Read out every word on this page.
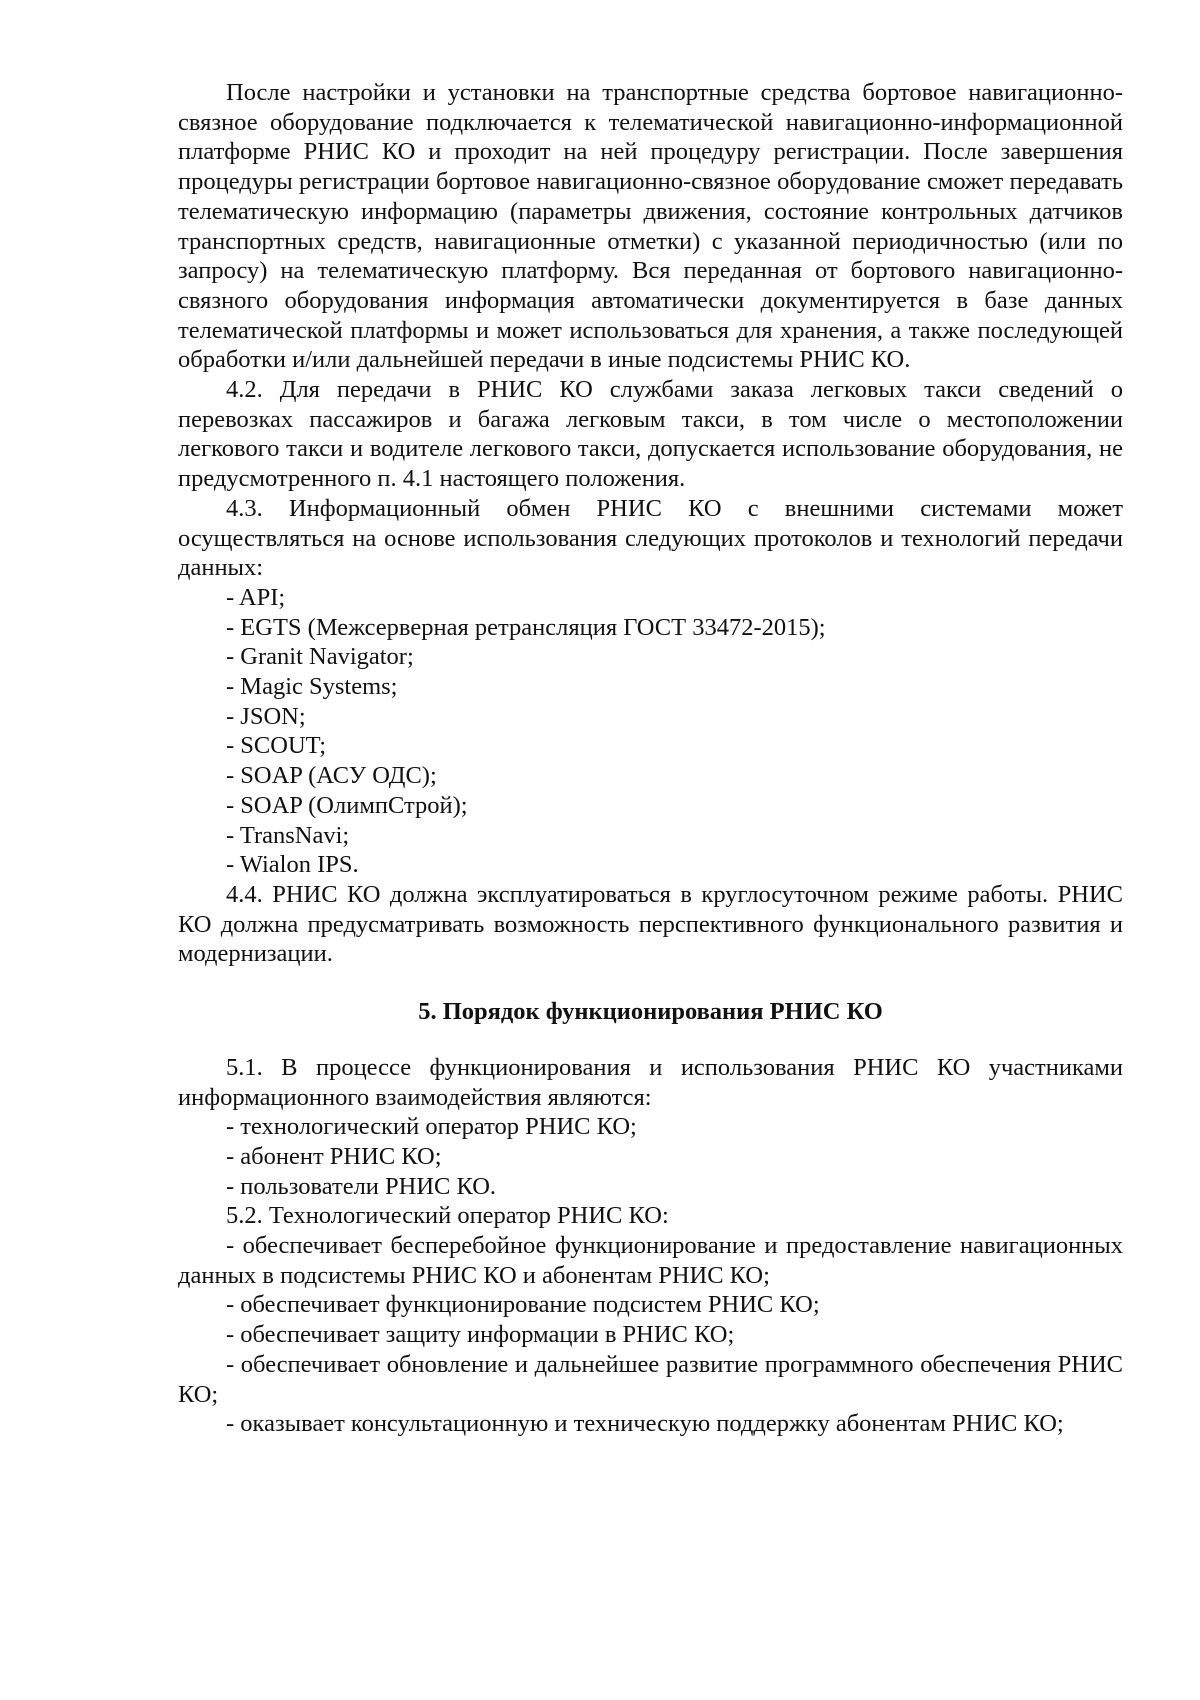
После настройки и установки на транспортные средства бортовое навигационно-связное оборудование подключается к телематической навигационно-информационной платформе РНИС КО и проходит на ней процедуру регистрации. После завершения процедуры регистрации бортовое навигационно-связное оборудование сможет передавать телематическую информацию (параметры движения, состояние контрольных датчиков транспортных средств, навигационные отметки) с указанной периодичностью (или по запросу) на телематическую платформу. Вся переданная от бортового навигационно-связного оборудования информация автоматически документируется в базе данных телематической платформы и может использоваться для хранения, а также последующей обработки и/или дальнейшей передачи в иные подсистемы РНИС КО.

4.2. Для передачи в РНИС КО службами заказа легковых такси сведений о перевозках пассажиров и багажа легковым такси, в том числе о местоположении легкового такси и водителе легкового такси, допускается использование оборудования, не предусмотренного п. 4.1 настоящего положения.

4.3. Информационный обмен РНИС КО с внешними системами может осуществляться на основе использования следующих протоколов и технологий передачи данных:

- API;

- EGTS (Межсерверная ретрансляция ГОСТ 33472-2015);

- Granit Navigator;

- Magic Systems;

- JSON;

- SCOUT;

- SOAP (АСУ ОДС);

- SOAP (ОлимпСтрой);

- TransNavi;

- Wialon IPS.

4.4. РНИС КО должна эксплуатироваться в круглосуточном режиме работы. РНИС КО должна предусматривать возможность перспективного функционального развития и модернизации.

5. Порядок функционирования РНИС КО

5.1. В процессе функционирования и использования РНИС КО участниками информационного взаимодействия являются:

- технологический оператор РНИС КО;

- абонент РНИС КО;

- пользователи РНИС КО.

5.2. Технологический оператор РНИС КО:

- обеспечивает бесперебойное функционирование и предоставление навигационных данных в подсистемы РНИС КО и абонентам РНИС КО;

- обеспечивает функционирование подсистем РНИС КО;

- обеспечивает защиту информации в РНИС КО;

- обеспечивает обновление и дальнейшее развитие программного обеспечения РНИС КО;

- оказывает консультационную и техническую поддержку абонентам РНИС КО;
